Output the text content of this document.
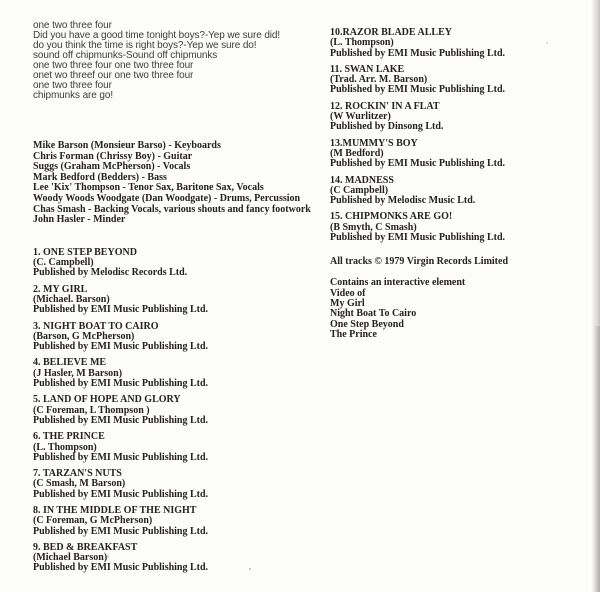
one two three four
Did you have a good time tonight boys?-Yep we sure did!
do you think the time is right boys?-Yep we sure do!
sound off chipmunks-Sound off chipmunks
one two three four one two three four
onet wo threef our one two three four
one two three four
chipmunks are go!
Mike Barson (Monsieur Barso) - Keyboards
Chris Forman (Chrissy Boy) - Guitar
Suggs (Graham McPherson) - Vocals
Mark Bedford (Bedders) - Bass
Lee 'Kix' Thompson - Tenor Sax, Baritone Sax, Vocals
Woody Woods Woodgate (Dan Woodgate) - Drums, Percussion
Chas Smash - Backing Vocals, various shouts and fancy footwork
John Hasler - Minder
1. ONE STEP BEYOND
(C. Campbell)
Published by Melodisc Records Ltd.
2. MY GIRL
(Michael. Barson)
Published by EMI Music Publishing Ltd.
3. NIGHT BOAT TO CAIRO
(Barson, G McPherson)
Published by EMI Music Publishing Ltd.
4. BELIEVE ME
(J Hasler, M Barson)
Published by EMI Music Publishing Ltd.
5. LAND OF HOPE AND GLORY
(C Foreman, L Thompson )
Published by EMI Music Publishing Ltd.
6. THE PRINCE
(L. Thompson)
Published by EMI Music Publishing Ltd.
7. TARZAN'S NUTS
(C Smash, M Barson)
Published by EMI Music Publishing Ltd.
8. IN THE MIDDLE OF THE NIGHT
(C Foreman, G McPherson)
Published by EMI Music Publishing Ltd.
9. BED & BREAKFAST
(Michael Barson)
Published by EMI Music Publishing Ltd.
10.RAZOR BLADE ALLEY
(L. Thompson)
Published by EMI Music Publishing Ltd.
11. SWAN LAKE
(Trad. Arr. M. Barson)
Published by EMI Music Publishing Ltd.
12. ROCKIN' IN A FLAT
(W Wurlitzer)
Published by Dinsong Ltd.
13.MUMMY'S BOY
(M Bedford)
Published by EMI Music Publishing Ltd.
14. MADNESS
(C Campbell)
Published by Melodisc Music Ltd.
15. CHIPMONKS ARE GO!
(B Smyth, C Smash)
Published by EMI Music Publishing Ltd.
All tracks © 1979 Virgin Records Limited
Contains an interactive element
Video of
My Girl
Night Boat To Cairo
One Step Beyond
The Prince
